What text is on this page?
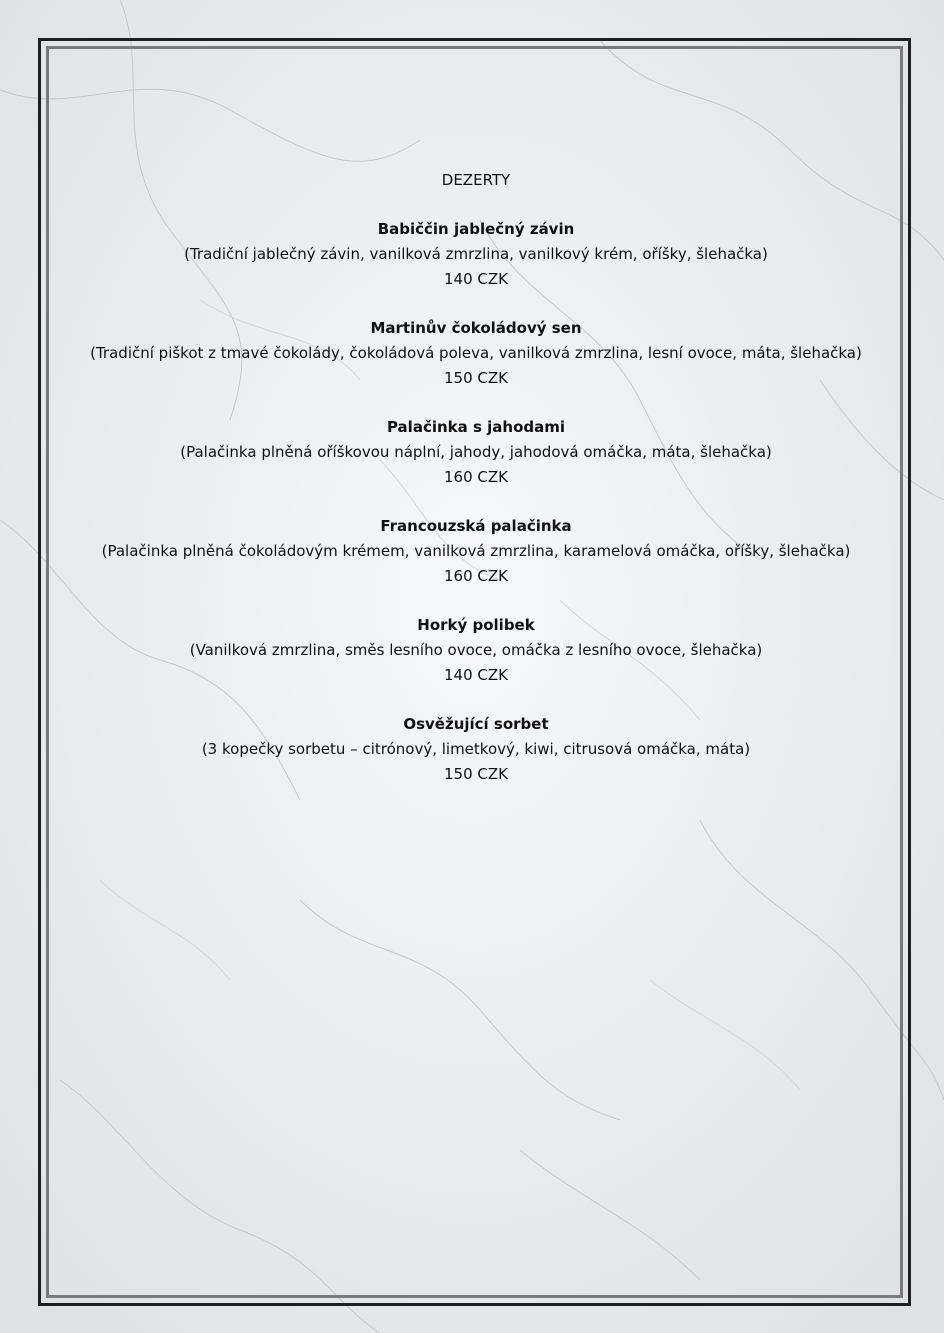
DEZERTY
Babiččin jablečný závin
(Tradiční jablečný závin, vanilková zmrzlina, vanilkový krém, oříšky, šlehačka)
140 CZK
Martinův čokoládový sen
(Tradiční piškot z tmavé čokolády, čokoládová poleva, vanilková zmrzlina, lesní ovoce, máta, šlehačka)
150 CZK
Palačinka s jahodami
(Palačinka plněná oříškovou náplní, jahody, jahodová omáčka, máta, šlehačka)
160 CZK
Francouzská palačinka
(Palačinka plněná čokoládovým krémem, vanilková zmrzlina, karamelová omáčka, oříšky, šlehačka)
160 CZK
Horký polibek
(Vanilková zmrzlina, směs lesního ovoce, omáčka z lesního ovoce, šlehačka)
140 CZK
Osvěžující sorbet
(3 kopečky sorbetu – citrónový, limetkový, kiwi, citrusová omáčka, máta)
150 CZK
